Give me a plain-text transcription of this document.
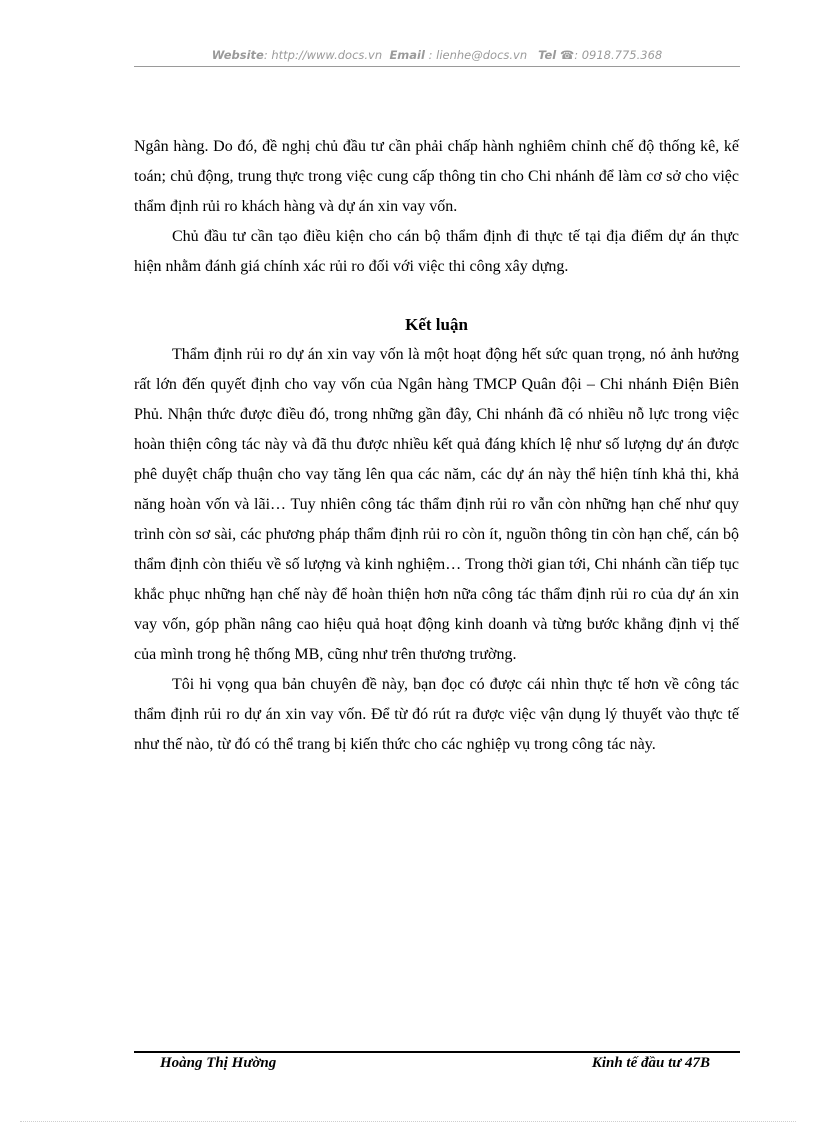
Website: http://www.docs.vn Email : lienhe@docs.vn Tel ☎: 0918.775.368

Ngân hàng. Do đó, đề nghị chủ đầu tư cần phải chấp hành nghiêm chỉnh chế độ thống kê, kế toán; chủ động, trung thực trong việc cung cấp thông tin cho Chi nhánh để làm cơ sở cho việc thẩm định rủi ro khách hàng và dự án xin vay vốn.

Chủ đầu tư cần tạo điều kiện cho cán bộ thẩm định đi thực tế tại địa điểm dự án thực hiện nhằm đánh giá chính xác rủi ro đối với việc thi công xây dựng.

Kết luận

Thẩm định rủi ro dự án xin vay vốn là một hoạt động hết sức quan trọng, nó ảnh hưởng rất lớn đến quyết định cho vay vốn của Ngân hàng TMCP Quân đội – Chi nhánh Điện Biên Phủ. Nhận thức được điều đó, trong những gần đây, Chi nhánh đã có nhiều nỗ lực trong việc hoàn thiện công tác này và đã thu được nhiều kết quả đáng khích lệ như số lượng dự án được phê duyệt chấp thuận cho vay tăng lên qua các năm, các dự án này thể hiện tính khả thi, khả năng hoàn vốn và lãi… Tuy nhiên công tác thẩm định rủi ro vẫn còn những hạn chế như quy trình còn sơ sài, các phương pháp thẩm định rủi ro còn ít, nguồn thông tin còn hạn chế, cán bộ thẩm định còn thiếu về số lượng và kinh nghiệm… Trong thời gian tới, Chi nhánh cần tiếp tục khắc phục những hạn chế này để hoàn thiện hơn nữa công tác thẩm định rủi ro của dự án xin vay vốn, góp phần nâng cao hiệu quả hoạt động kinh doanh và từng bước khẳng định vị thế của mình trong hệ thống MB, cũng như trên thương trường.

Tôi hi vọng qua bản chuyên đề này, bạn đọc có được cái nhìn thực tế hơn về công tác thẩm định rủi ro dự án xin vay vốn. Để từ đó rút ra được việc vận dụng lý thuyết vào thực tế như thế nào, từ đó có thể trang bị kiến thức cho các nghiệp vụ trong công tác này.

Hoàng Thị Hường	Kinh tế đầu tư 47B
